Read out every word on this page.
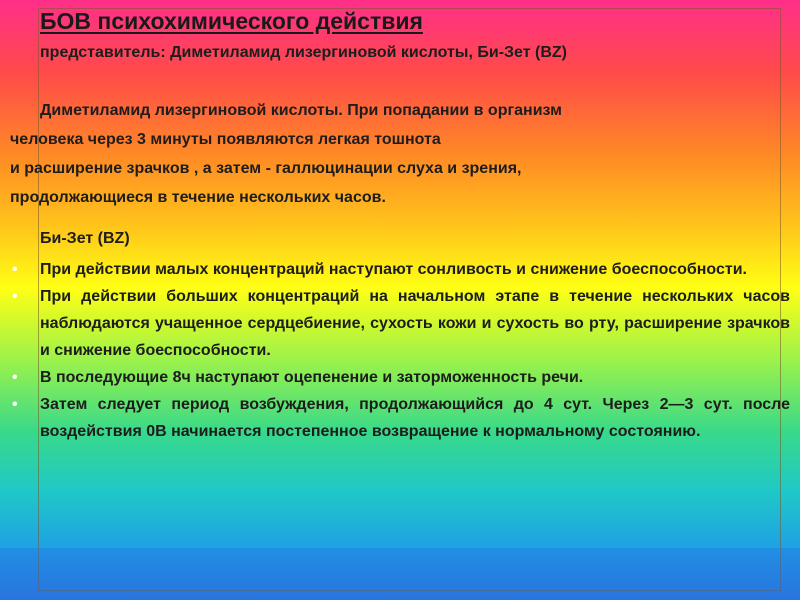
БОВ психохимического действия

представитель: Диметиламид лизергиновой кислоты, Би-Зет (BZ)

Диметиламид лизергиновой кислоты. При попадании в организм
человека через 3 минуты появляются легкая тошнота
и расширение зрачков , а затем - галлюцинации слуха и зрения,
продолжающиеся в течение нескольких часов.

Би-Зет (BZ)

• При действии малых концентраций наступают сонливость и снижение боеспособности.
• При действии больших концентраций на начальном этапе в течение нескольких часов наблюдаются учащенное сердцебиение, сухость кожи и сухость во рту, расширение зрачков и снижение боеспособности.
• В последующие 8ч наступают оцепенение и заторможенность речи.
• Затем следует период возбуждения, продолжающийся до 4 сут. Через 2—3 сут. после воздействия 0В начинается постепенное возвращение к нормальному состоянию.
